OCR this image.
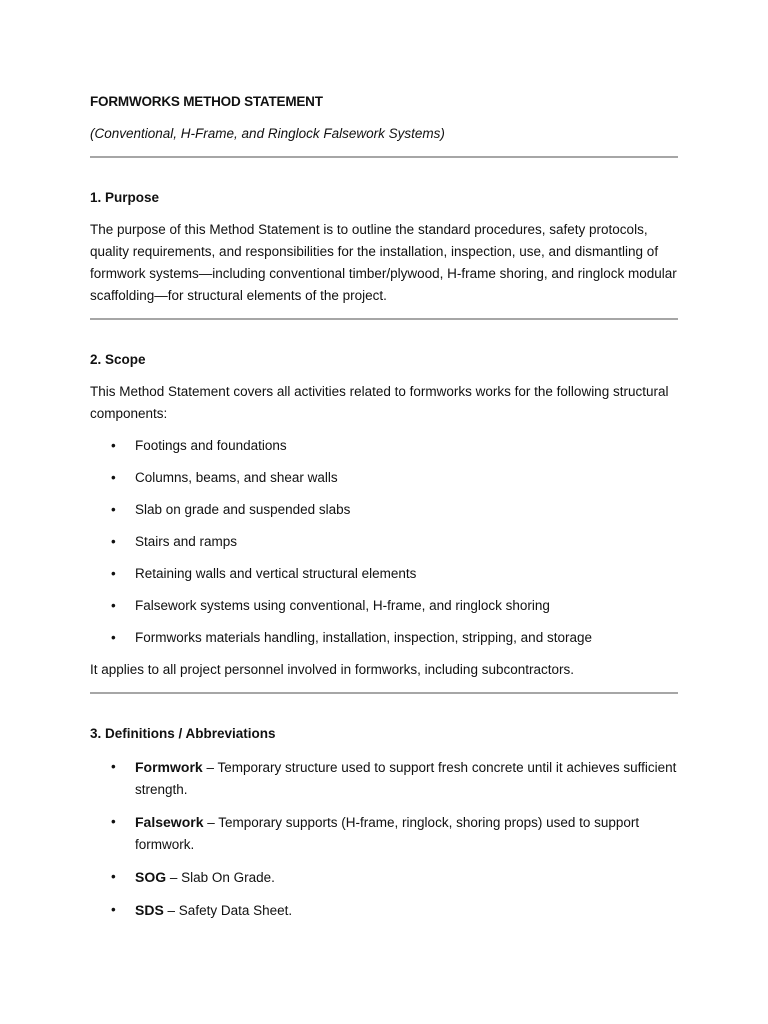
FORMWORKS METHOD STATEMENT
(Conventional, H-Frame, and Ringlock Falsework Systems)
1. Purpose
The purpose of this Method Statement is to outline the standard procedures, safety protocols, quality requirements, and responsibilities for the installation, inspection, use, and dismantling of formwork systems—including conventional timber/plywood, H-frame shoring, and ringlock modular scaffolding—for structural elements of the project.
2. Scope
This Method Statement covers all activities related to formworks works for the following structural components:
• Footings and foundations
• Columns, beams, and shear walls
• Slab on grade and suspended slabs
• Stairs and ramps
• Retaining walls and vertical structural elements
• Falsework systems using conventional, H-frame, and ringlock shoring
• Formworks materials handling, installation, inspection, stripping, and storage
It applies to all project personnel involved in formworks, including subcontractors.
3. Definitions / Abbreviations
• Formwork – Temporary structure used to support fresh concrete until it achieves sufficient strength.
• Falsework – Temporary supports (H-frame, ringlock, shoring props) used to support formwork.
• SOG – Slab On Grade.
• SDS – Safety Data Sheet.
